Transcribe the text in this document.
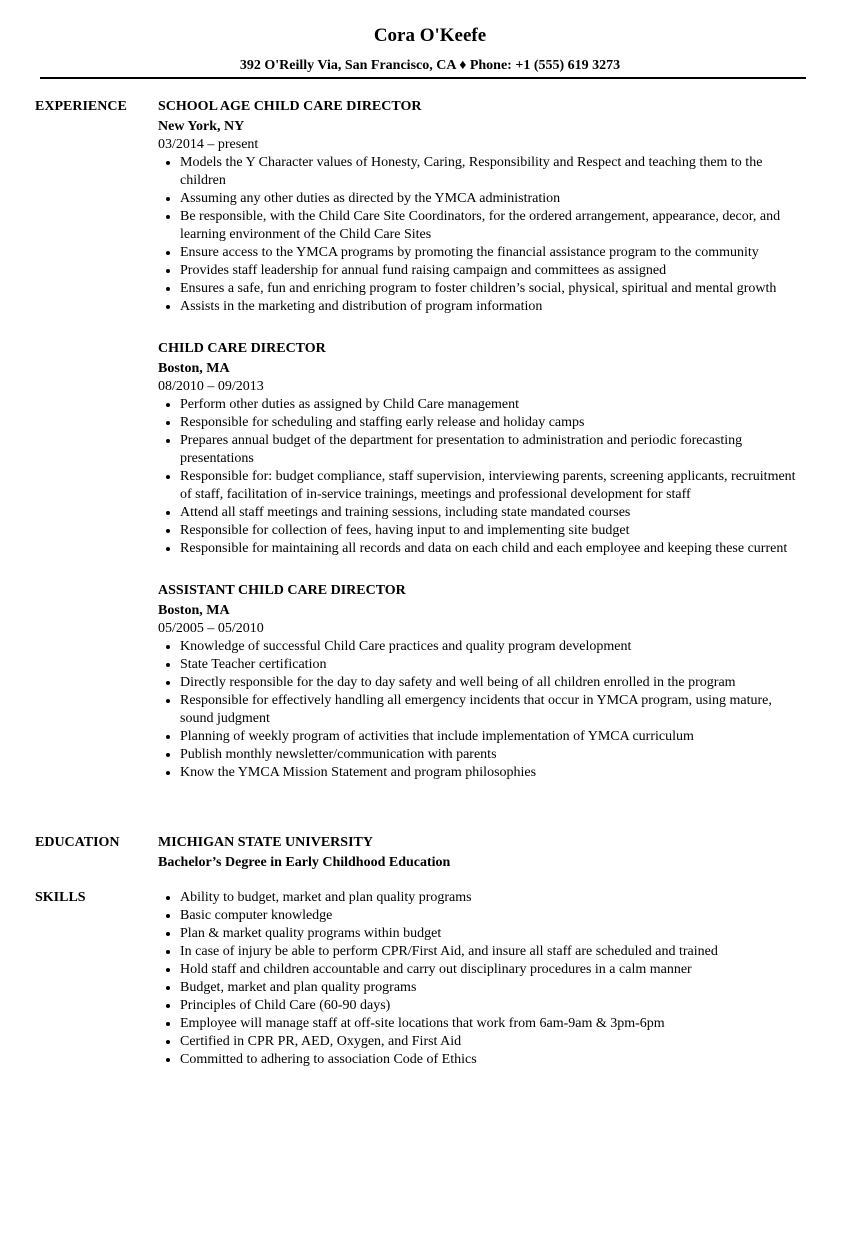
Cora O'Keefe
392 O'Reilly Via, San Francisco, CA ♦ Phone: +1 (555) 619 3273
EXPERIENCE SCHOOL AGE CHILD CARE DIRECTOR
New York, NY
03/2014 – present
• Models the Y Character values of Honesty, Caring, Responsibility and Respect and teaching them to the children
• Assuming any other duties as directed by the YMCA administration
• Be responsible, with the Child Care Site Coordinators, for the ordered arrangement, appearance, decor, and learning environment of the Child Care Sites
• Ensure access to the YMCA programs by promoting the financial assistance program to the community
• Provides staff leadership for annual fund raising campaign and committees as assigned
• Ensures a safe, fun and enriching program to foster children’s social, physical, spiritual and mental growth
• Assists in the marketing and distribution of program information
CHILD CARE DIRECTOR
Boston, MA
08/2010 – 09/2013
• Perform other duties as assigned by Child Care management
• Responsible for scheduling and staffing early release and holiday camps
• Prepares annual budget of the department for presentation to administration and periodic forecasting presentations
• Responsible for: budget compliance, staff supervision, interviewing parents, screening applicants, recruitment of staff, facilitation of in-service trainings, meetings and professional development for staff
• Attend all staff meetings and training sessions, including state mandated courses
• Responsible for collection of fees, having input to and implementing site budget
• Responsible for maintaining all records and data on each child and each employee and keeping these current
ASSISTANT CHILD CARE DIRECTOR
Boston, MA
05/2005 – 05/2010
• Knowledge of successful Child Care practices and quality program development
• State Teacher certification
• Directly responsible for the day to day safety and well being of all children enrolled in the program
• Responsible for effectively handling all emergency incidents that occur in YMCA program, using mature, sound judgment
• Planning of weekly program of activities that include implementation of YMCA curriculum
• Publish monthly newsletter/communication with parents
• Know the YMCA Mission Statement and program philosophies
EDUCATION	MICHIGAN STATE UNIVERSITY
Bachelor’s Degree in Early Childhood Education
SKILLS	• Ability to budget, market and plan quality programs
• Basic computer knowledge
• Plan & market quality programs within budget
• In case of injury be able to perform CPR/First Aid, and insure all staff are scheduled and trained
• Hold staff and children accountable and carry out disciplinary procedures in a calm manner
• Budget, market and plan quality programs
• Principles of Child Care (60-90 days)
• Employee will manage staff at off-site locations that work from 6am-9am & 3pm-6pm
• Certified in CPR PR, AED, Oxygen, and First Aid
• Committed to adhering to association Code of Ethics
